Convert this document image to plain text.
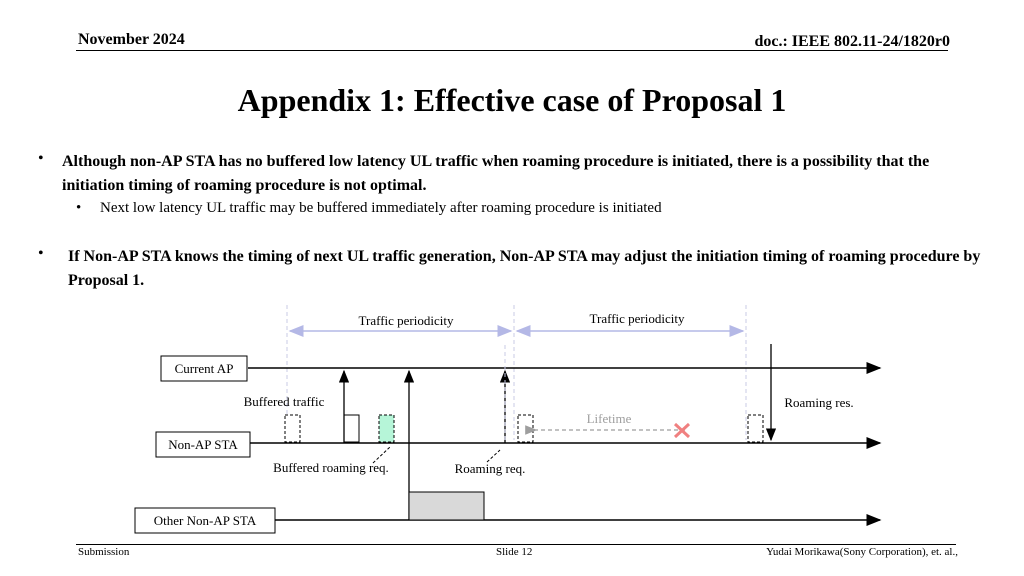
November 2024	doc.: IEEE 802.11-24/1820r0
Appendix 1: Effective case of Proposal 1
• Although non-AP STA has no buffered low latency UL traffic when roaming procedure is initiated, there is a possibility that the initiation timing of roaming procedure is not optimal.
• Next low latency UL traffic may be buffered immediately after roaming procedure is initiated
• If Non-AP STA knows the timing of next UL traffic generation, Non-AP STA may adjust the initiation timing of roaming procedure by Proposal 1.
Traffic periodicity	Traffic periodicity
Current AP
Non-AP STA
Other Non-AP STA
Buffered traffic
Lifetime
Roaming res.
Buffered roaming req.	Roaming req.
Submission	Slide 12	Yudai Morikawa(Sony Corporation), et. al.,
